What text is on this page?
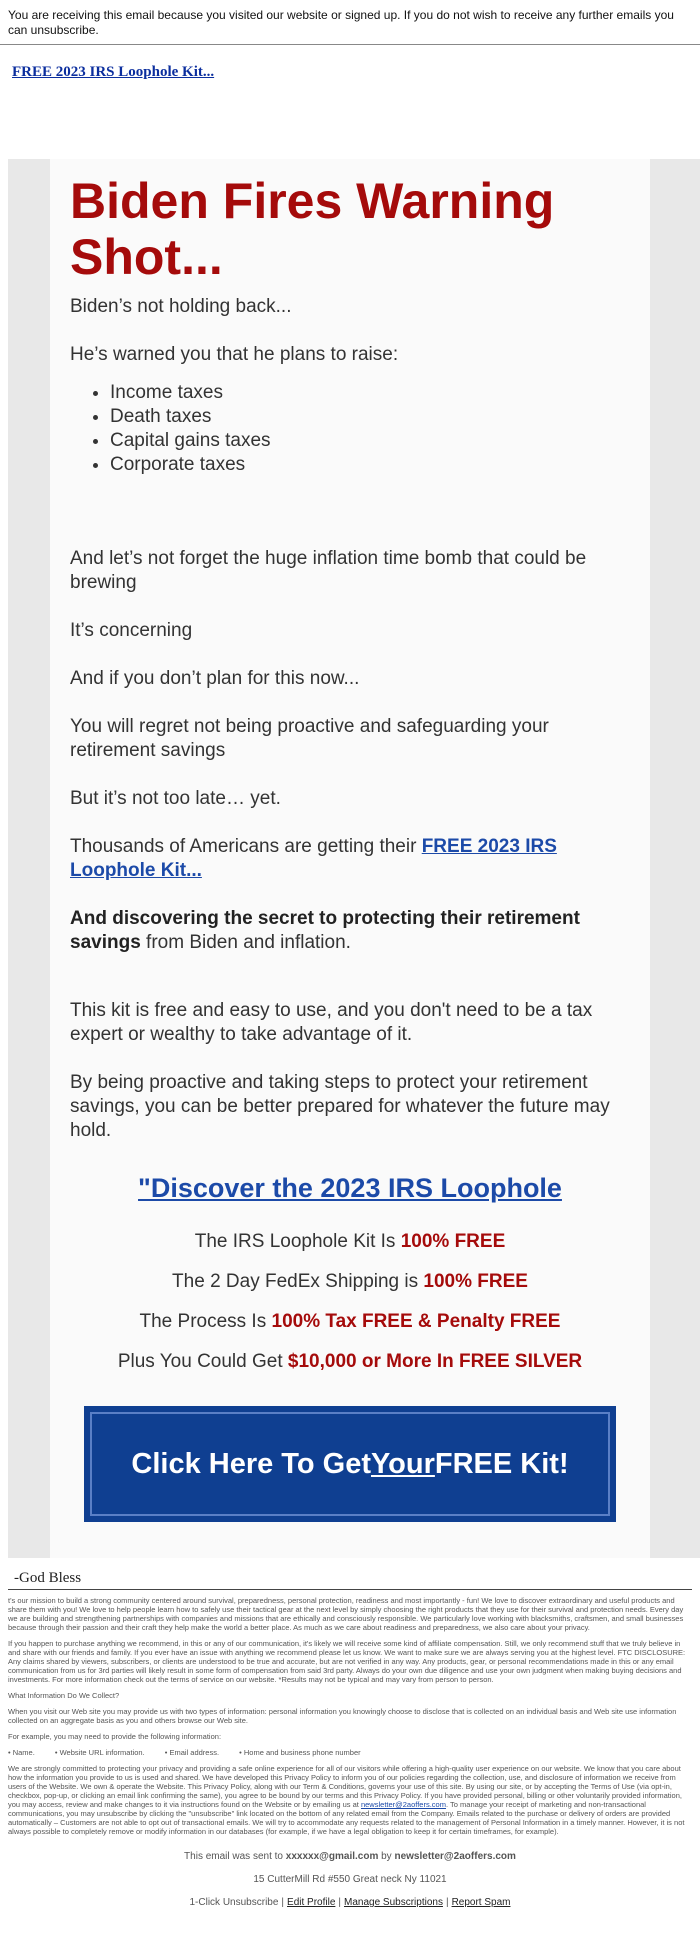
You are receiving this email because you visited our website or signed up. If you do not wish to receive any further emails you can unsubscribe.
FREE 2023 IRS Loophole Kit...
Biden Fires Warning Shot...

Biden’s not holding back...

He’s warned you that he plans to raise:

• Income taxes
• Death taxes
• Capital gains taxes
• Corporate taxes

And let’s not forget the huge inflation time bomb that could be brewing

It’s concerning

And if you don’t plan for this now...

You will regret not being proactive and safeguarding your retirement savings

But it’s not too late… yet.

Thousands of Americans are getting their FREE 2023 IRS Loophole Kit...

And discovering the secret to protecting their retirement savings from Biden and inflation.

This kit is free and easy to use, and you don't need to be a tax expert or wealthy to take advantage of it.

By being proactive and taking steps to protect your retirement savings, you can be better prepared for whatever the future may hold.

"Discover the 2023 IRS Loophole

The IRS Loophole Kit Is 100% FREE

The 2 Day FedEx Shipping is 100% FREE

The Process Is 100% Tax FREE & Penalty FREE

Plus You Could Get $10,000 or More In FREE SILVER

Click Here To Get Your FREE Kit!
-God Bless

t's our mission to build a strong community centered around survival, preparedness, personal protection, readiness and most importantly - fun! We love to discover extraordinary and useful products and share them with you! We love to help people learn how to safely use their tactical gear at the next level by simply choosing the right products that they use for their survival and protection needs. Every day we are building and strengthening partnerships with companies and missions that are ethically and consciously responsible. We particularly love working with blacksmiths, craftsmen, and small businesses because through their passion and their craft they help make the world a better place. As much as we care about readiness and preparedness, we also care about your privacy.

If you happen to purchase anything we recommend, in this or any of our communication, it's likely we will receive some kind of affiliate compensation. Still, we only recommend stuff that we truly believe in and share with our friends and family. If you ever have an issue with anything we recommend please let us know. We want to make sure we are always serving you at the highest level. FTC DISCLOSURE: Any claims shared by viewers, subscribers, or clients are understood to be true and accurate, but are not verified in any way. Any products, gear, or personal recommendations made in this or any email communication from us for 3rd parties will likely result in some form of compensation from said 3rd party. Always do your own due diligence and use your own judgment when making buying decisions and investments. For more information check out the terms of service on our website. *Results may not be typical and may vary from person to person.

What Information Do We Collect?

When you visit our Web site you may provide us with two types of information: personal information you knowingly choose to disclose that is collected on an individual basis and Web site use information collected on an aggregate basis as you and others browse our Web site.

For example, you may need to provide the following information:

• Name.	• Website URL information.	• Email address.	• Home and business phone number

We are strongly committed to protecting your privacy and providing a safe online experience for all of our visitors while offering a high-quality user experience on our website. We know that you care about how the information you provide to us is used and shared. We have developed this Privacy Policy to inform you of our policies regarding the collection, use, and disclosure of information we receive from users of the Website. We own & operate the Website. This Privacy Policy, along with our Term & Conditions, governs your use of this site. By using our site, or by accepting the Terms of Use (via opt-in, checkbox, pop-up, or clicking an email link confirming the same), you agree to be bound by our terms and this Privacy Policy. If you have provided personal, billing or other voluntarily provided information, you may access, review and make changes to it via instructions found on the Website or by emailing us at newsletter@2aoffers.com. To manage your receipt of marketing and non-transactional communications, you may unsubscribe by clicking the "unsubscribe" link located on the bottom of any related email from the Company. Emails related to the purchase or delivery of orders are provided automatically – Customers are not able to opt out of transactional emails. We will try to accommodate any requests related to the management of Personal Information in a timely manner. However, it is not always possible to completely remove or modify information in our databases (for example, if we have a legal obligation to keep it for certain timeframes, for example).

This email was sent to xxxxxx@gmail.com by newsletter@2aoffers.com
15 CutterMill Rd #550 Great neck Ny 11021
1-Click Unsubscribe | Edit Profile | Manage Subscriptions | Report Spam
